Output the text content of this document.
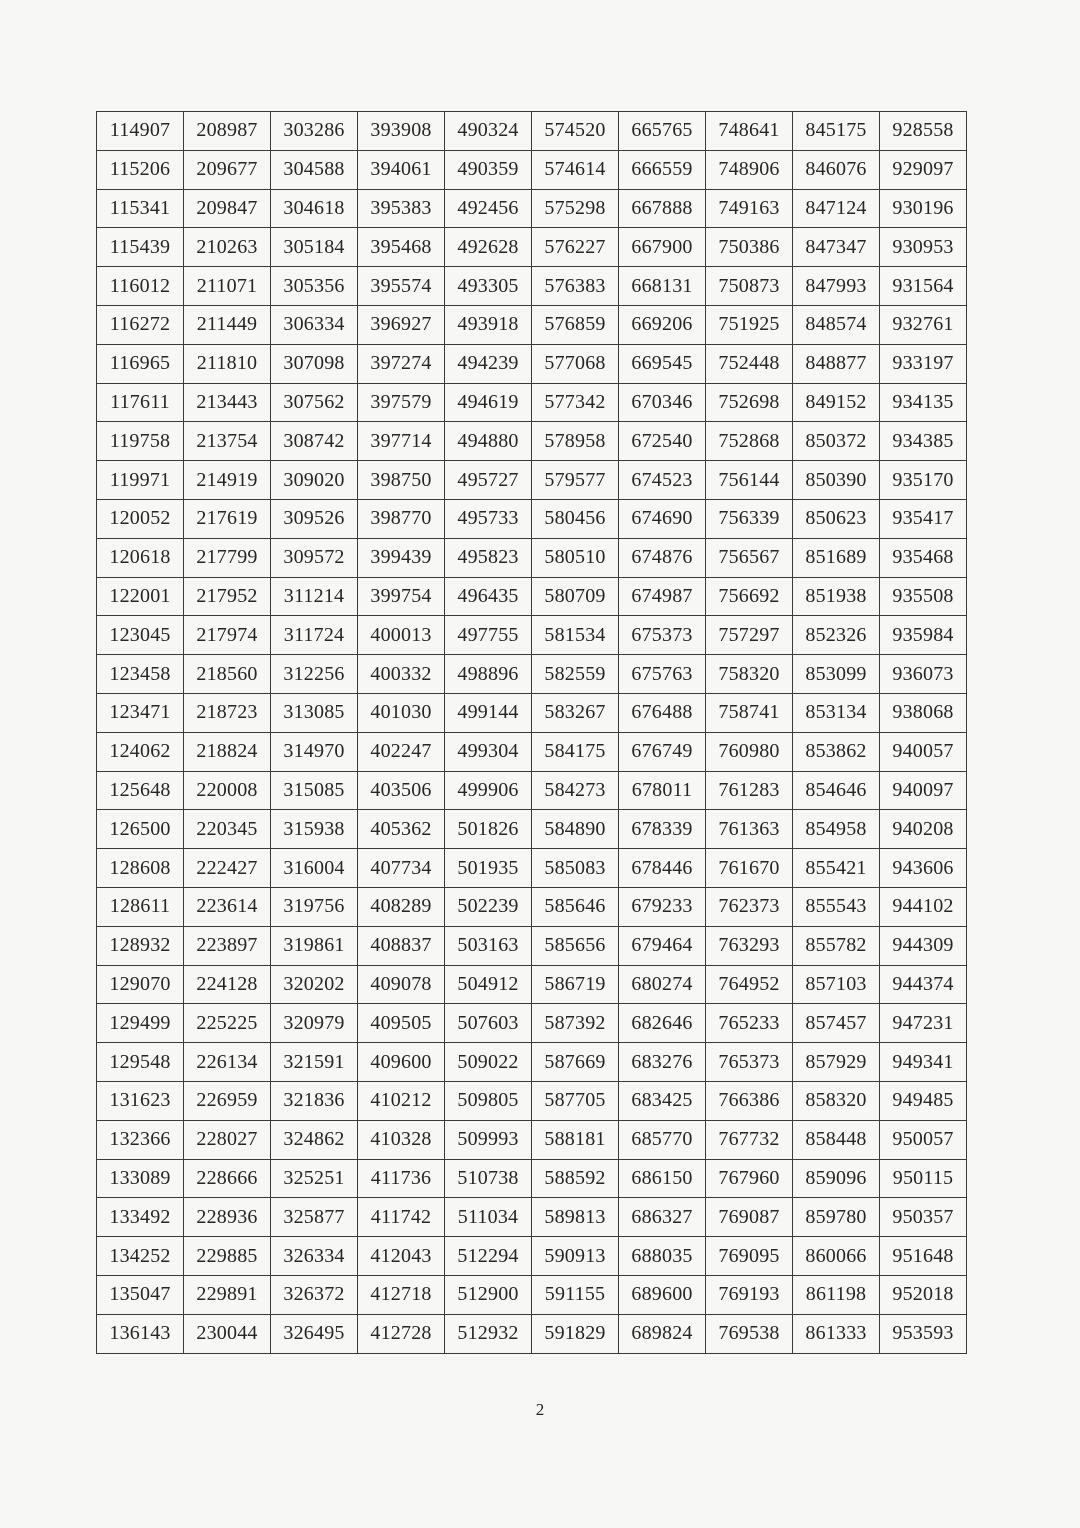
114907	208987	303286	393908	490324	574520	665765	748641	845175	928558
115206	209677	304588	394061	490359	574614	666559	748906	846076	929097
115341	209847	304618	395383	492456	575298	667888	749163	847124	930196
115439	210263	305184	395468	492628	576227	667900	750386	847347	930953
116012	211071	305356	395574	493305	576383	668131	750873	847993	931564
116272	211449	306334	396927	493918	576859	669206	751925	848574	932761
116965	211810	307098	397274	494239	577068	669545	752448	848877	933197
117611	213443	307562	397579	494619	577342	670346	752698	849152	934135
119758	213754	308742	397714	494880	578958	672540	752868	850372	934385
119971	214919	309020	398750	495727	579577	674523	756144	850390	935170
120052	217619	309526	398770	495733	580456	674690	756339	850623	935417
120618	217799	309572	399439	495823	580510	674876	756567	851689	935468
122001	217952	311214	399754	496435	580709	674987	756692	851938	935508
123045	217974	311724	400013	497755	581534	675373	757297	852326	935984
123458	218560	312256	400332	498896	582559	675763	758320	853099	936073
123471	218723	313085	401030	499144	583267	676488	758741	853134	938068
124062	218824	314970	402247	499304	584175	676749	760980	853862	940057
125648	220008	315085	403506	499906	584273	678011	761283	854646	940097
126500	220345	315938	405362	501826	584890	678339	761363	854958	940208
128608	222427	316004	407734	501935	585083	678446	761670	855421	943606
128611	223614	319756	408289	502239	585646	679233	762373	855543	944102
128932	223897	319861	408837	503163	585656	679464	763293	855782	944309
129070	224128	320202	409078	504912	586719	680274	764952	857103	944374
129499	225225	320979	409505	507603	587392	682646	765233	857457	947231
129548	226134	321591	409600	509022	587669	683276	765373	857929	949341
131623	226959	321836	410212	509805	587705	683425	766386	858320	949485
132366	228027	324862	410328	509993	588181	685770	767732	858448	950057
133089	228666	325251	411736	510738	588592	686150	767960	859096	950115
133492	228936	325877	411742	511034	589813	686327	769087	859780	950357
134252	229885	326334	412043	512294	590913	688035	769095	860066	951648
135047	229891	326372	412718	512900	591155	689600	769193	861198	952018
136143	230044	326495	412728	512932	591829	689824	769538	861333	953593
2
